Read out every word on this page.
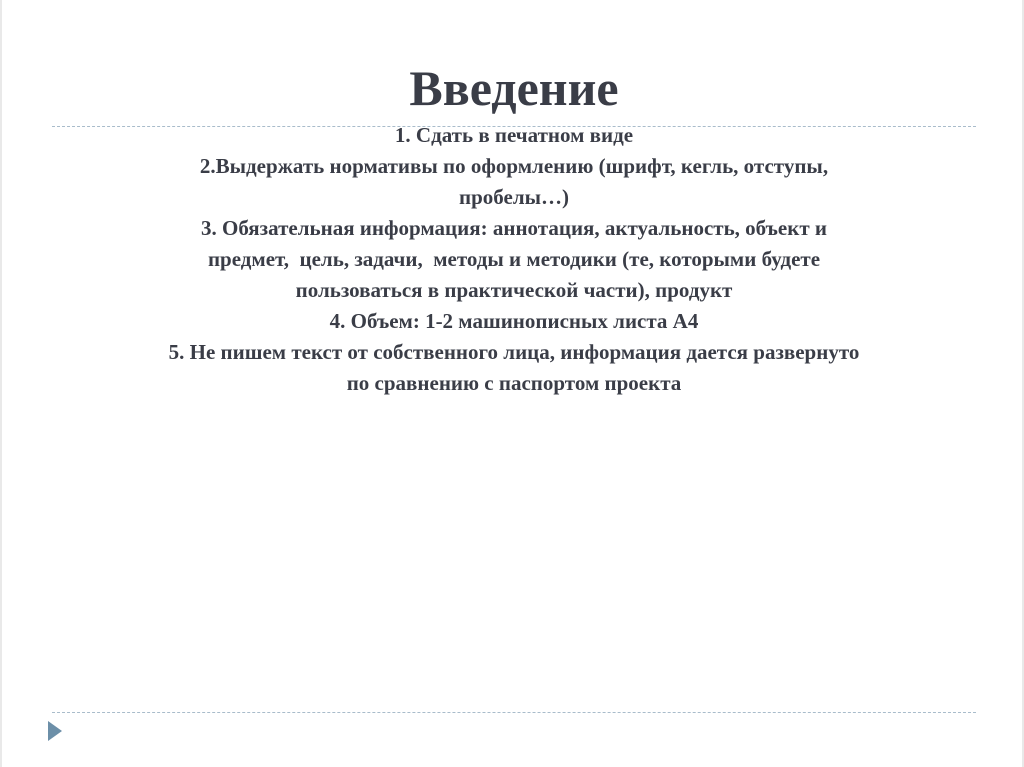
Введение
1. Сдать в печатном виде
2.Выдержать нормативы по оформлению (шрифт, кегль, отступы,
пробелы…)
3. Обязательная информация: аннотация, актуальность, объект и
предмет,  цель, задачи,  методы и методики (те, которыми будете
пользоваться в практической части), продукт
4. Объем: 1-2 машинописных листа А4
5. Не пишем текст от собственного лица, информация дается развернуто
по сравнению с паспортом проекта
